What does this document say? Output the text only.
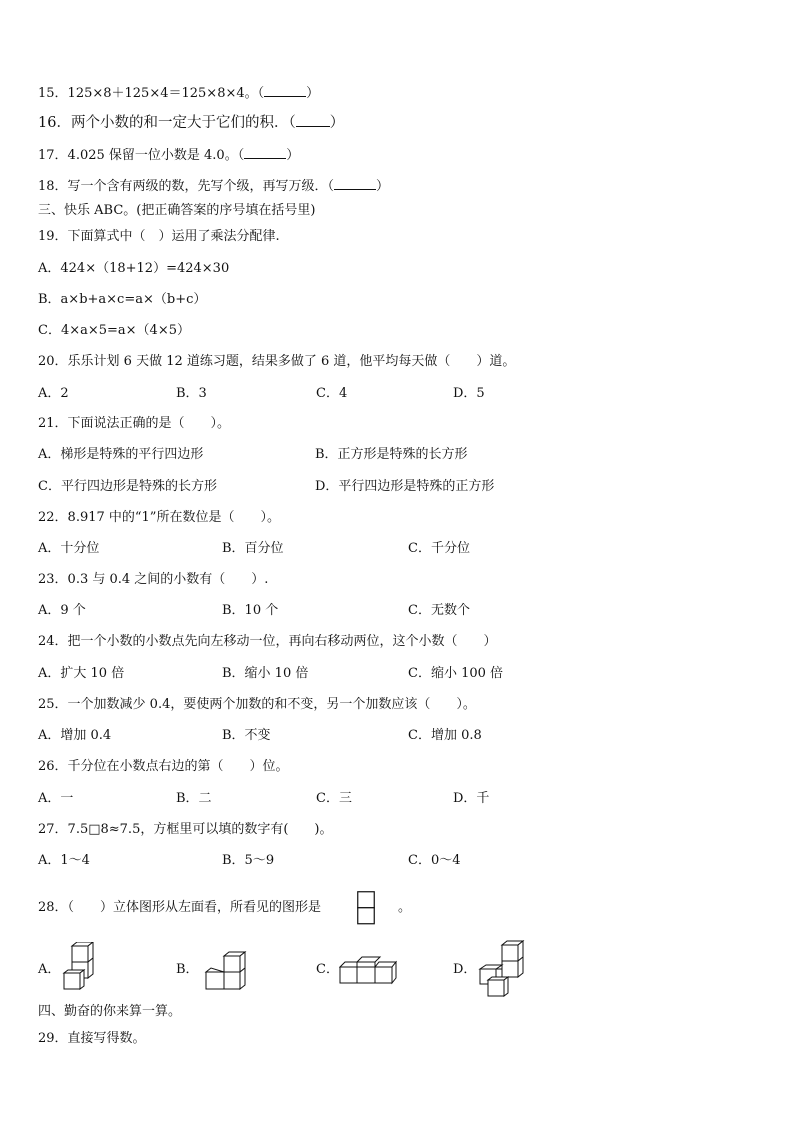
15．125×8＋125×4＝125×8×4。（	）
16．两个小数的和一定大于它们的积．（ ）
17．4.025 保留一位小数是 4.0。（	）
18．写一个含有两级的数，先写个级，再写万级．（	）
三、快乐 ABC。(把正确答案的序号填在括号里)
19．下面算式中（　）运用了乘法分配律.
A．424×（18+12）=424×30
B．a×b+a×c=a×（b+c）
C．4×a×5=a×（4×5）
20．乐乐计划 6 天做 12 道练习题，结果多做了 6 道，他平均每天做（　　）道。
A．2	B．3	C．4	D．5
21．下面说法正确的是（　　）。
A．梯形是特殊的平行四边形	B．正方形是特殊的长方形
C．平行四边形是特殊的长方形	D．平行四边形是特殊的正方形
22．8.917 中的“1”所在数位是（　　）。
A．十分位	B．百分位	C．千分位
23．0.3 与 0.4 之间的小数有（　　）.
A．9 个	B．10 个	C．无数个
24．把一个小数的小数点先向左移动一位，再向右移动两位，这个小数（　　）
A．扩大 10 倍	B．缩小 10 倍	C．缩小 100 倍
25．一个加数减少 0.4，要使两个加数的和不变，另一个加数应该（　　）。
A．增加 0.4	B．不变	C．增加 0.8
26．千分位在小数点右边的第（　　）位。
A．一	B．二	C．三	D．千
27．7.5□8≈7.5，方框里可以填的数字有(　　)。
A．1～4	B．5～9	C．0～4
28．（　　）立体图形从左面看，所看见的图形是	。
A．	B．	C．	D．
四、勤奋的你来算一算。
29．直接写得数。
